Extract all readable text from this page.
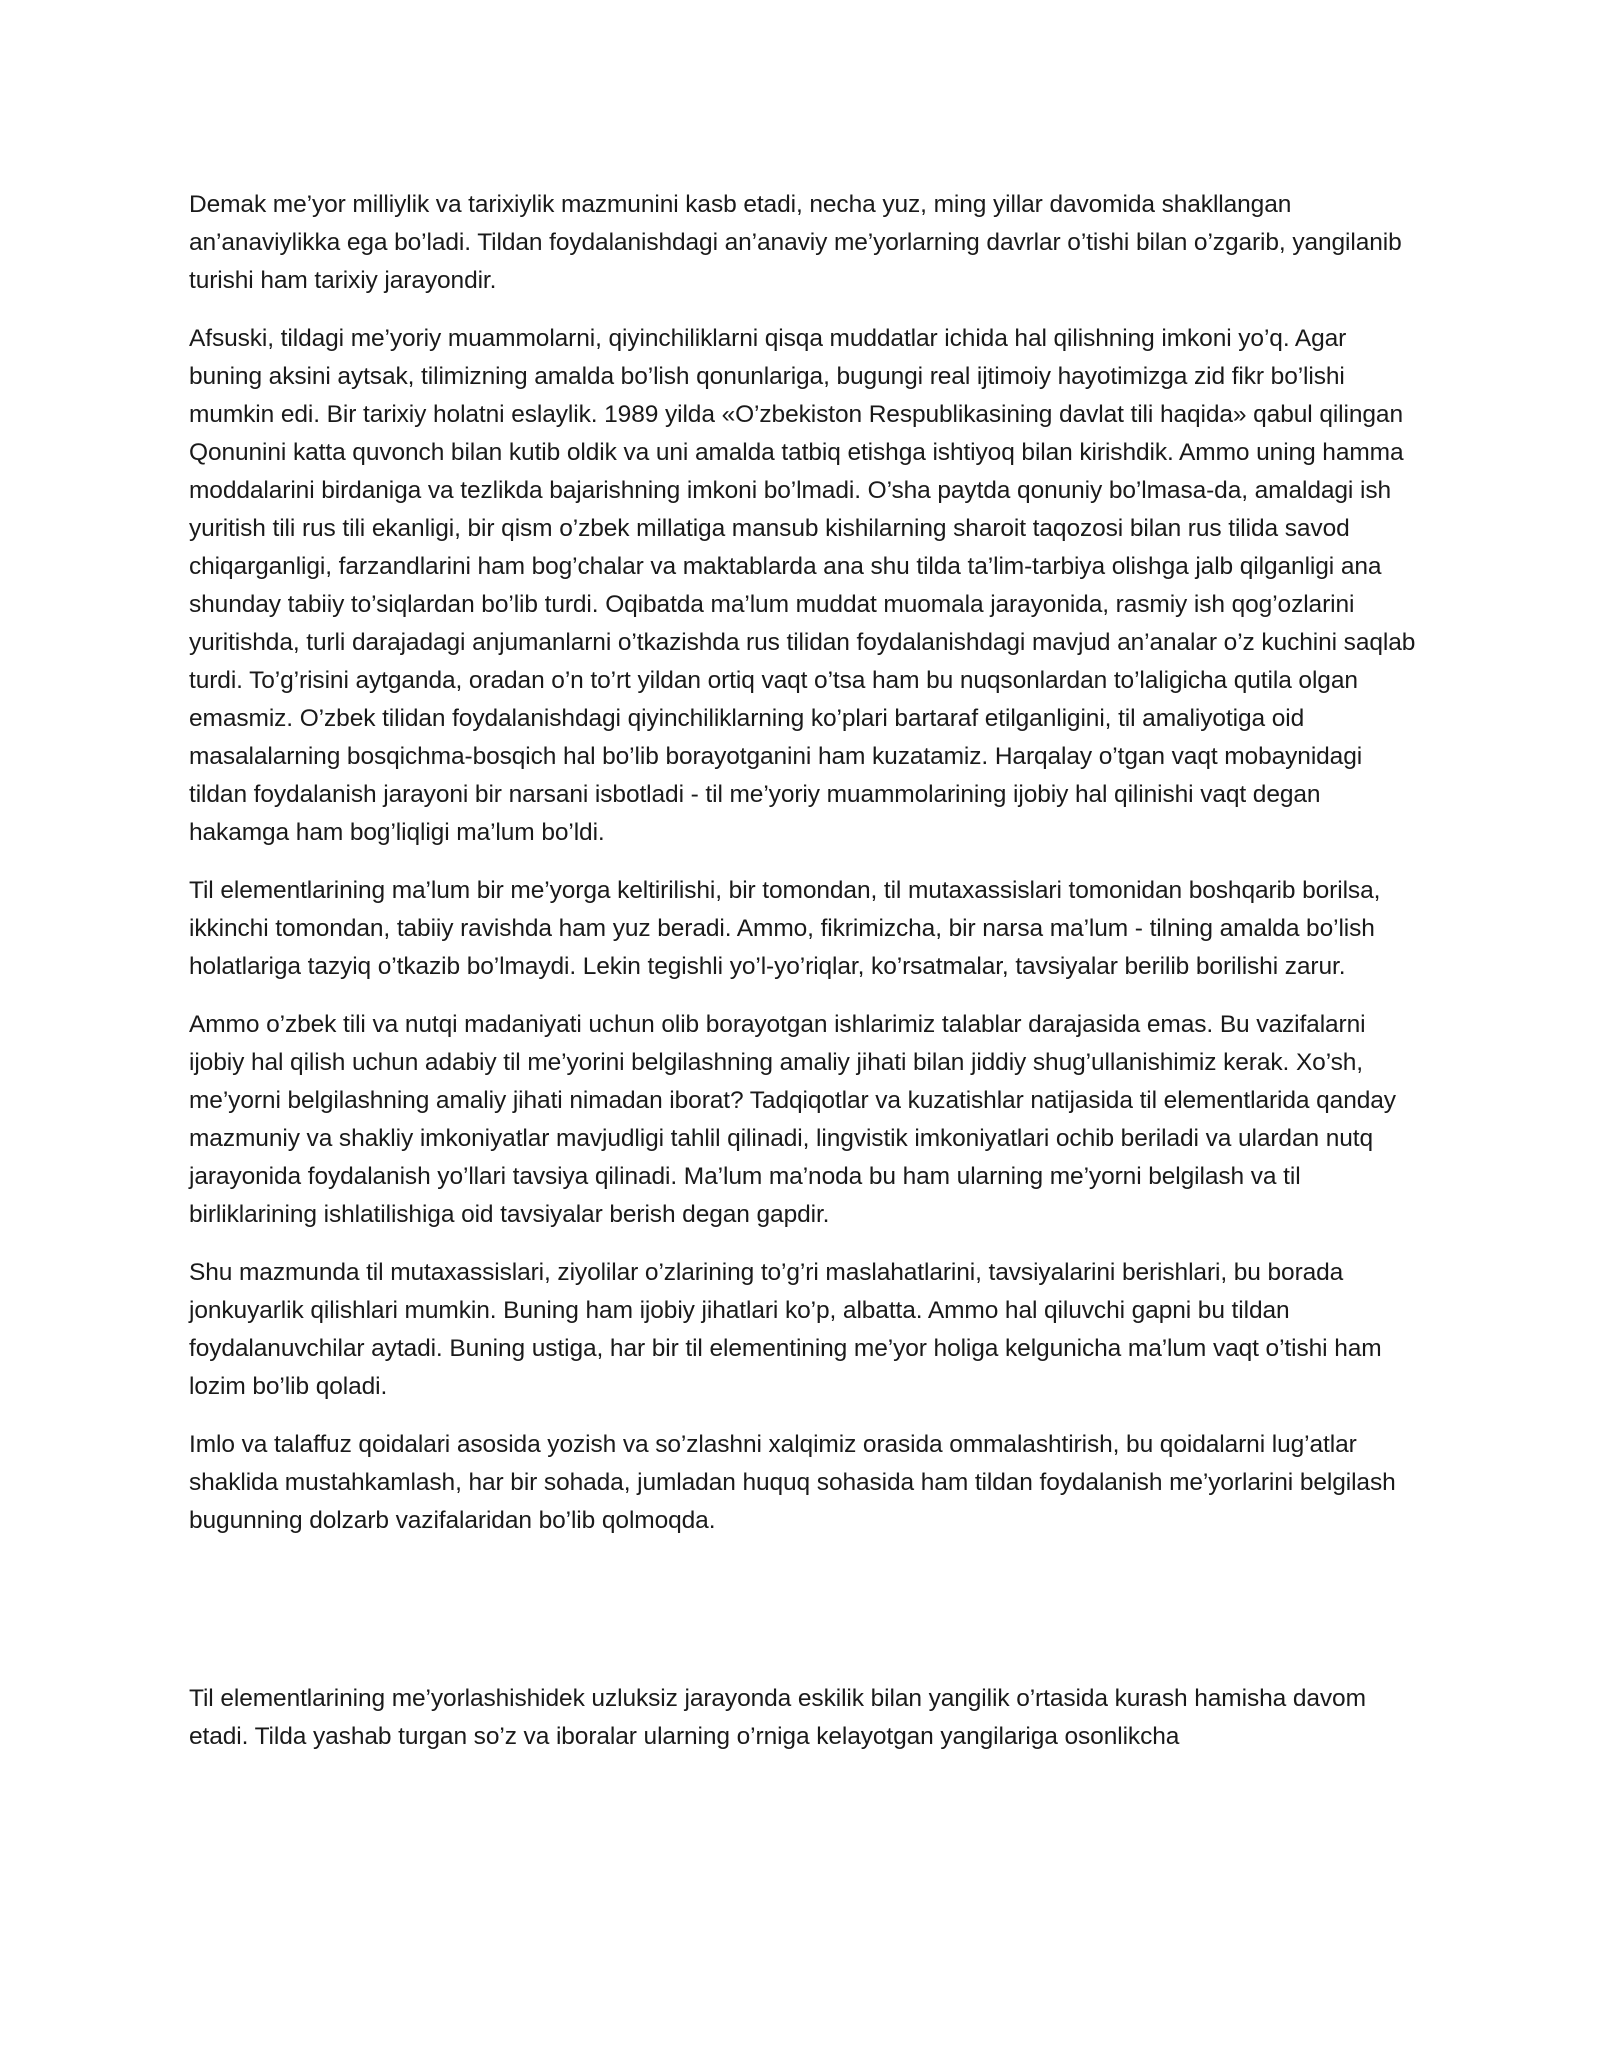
Demak me’yor milliylik va tarixiylik mazmunini kasb etadi, necha yuz, ming yillar davomida shakllangan an’anaviylikka ega bo’ladi. Tildan foydalanishdagi an’anaviy me’yorlarning davrlar o’tishi bilan o’zgarib, yangilanib turishi ham tarixiy jarayondir.

Afsuski, tildagi me’yoriy muammolarni, qiyinchiliklarni qisqa muddatlar ichida hal qilishning imkoni yo’q. Agar buning aksini aytsak, tilimizning amalda bo’lish qonunlariga, bugungi real ijtimoiy hayotimizga zid fikr bo’lishi mumkin edi. Bir tarixiy holatni eslaylik. 1989 yilda «O’zbekiston Respublikasining davlat tili haqida» qabul qilingan Qonunini katta quvonch bilan kutib oldik va uni amalda tatbiq etishga ishtiyoq bilan kirishdik. Ammo uning hamma moddalarini birdaniga va tezlikda bajarishning imkoni bo’lmadi. O’sha paytda qonuniy bo’lmasa-da, amaldagi ish yuritish tili rus tili ekanligi, bir qism o’zbek millatiga mansub kishilarning sharoit taqozosi bilan rus tilida savod chiqarganligi, farzandlarini ham bog’chalar va maktablarda ana shu tilda ta’lim-tarbiya olishga jalb qilganligi ana shunday tabiiy to’siqlardan bo’lib turdi. Oqibatda ma’lum muddat muomala jarayonida, rasmiy ish qog’ozlarini yuritishda, turli darajadagi anjumanlarni o’tkazishda rus tilidan foydalanishdagi mavjud an’analar o’z kuchini saqlab turdi. To’g’risini aytganda, oradan o’n to’rt yildan ortiq vaqt o’tsa ham bu nuqsonlardan to’laligicha qutila olgan emasmiz. O’zbek tilidan foydalanishdagi qiyinchiliklarning ko’plari bartaraf etilganligini, til amaliyotiga oid masalalarning bosqichma-bosqich hal bo’lib borayotganini ham kuzatamiz. Harqalay o’tgan vaqt mobaynidagi tildan foydalanish jarayoni bir narsani isbotladi - til me’yoriy muammolarining ijobiy hal qilinishi vaqt degan hakamga ham bog’liqligi ma’lum bo’ldi.

Til elementlarining ma’lum bir me’yorga keltirilishi, bir tomondan, til mutaxassislari tomonidan boshqarib borilsa, ikkinchi tomondan, tabiiy ravishda ham yuz beradi. Ammo, fikrimizcha, bir narsa ma’lum - tilning amalda bo’lish holatlariga tazyiq o’tkazib bo’lmaydi. Lekin tegishli yo’l-yo’riqlar, ko’rsatmalar, tavsiyalar berilib borilishi zarur.

Ammo o’zbek tili va nutqi madaniyati uchun olib borayotgan ishlarimiz talablar darajasida emas. Bu vazifalarni ijobiy hal qilish uchun adabiy til me’yorini belgilashning amaliy jihati bilan jiddiy shug’ullanishimiz kerak. Xo’sh, me’yorni belgilashning amaliy jihati nimadan iborat? Tadqiqotlar va kuzatishlar natijasida til elementlarida qanday mazmuniy va shakliy imkoniyatlar mavjudligi tahlil qilinadi, lingvistik imkoniyatlari ochib beriladi va ulardan nutq jarayonida foydalanish yo’llari tavsiya qilinadi. Ma’lum ma’noda bu ham ularning me’yorni belgilash va til birliklarining ishlatilishiga oid tavsiyalar berish degan gapdir.

Shu mazmunda til mutaxassislari, ziyolilar o’zlarining to’g’ri maslahatlarini, tavsiyalarini berishlari, bu borada jonkuyarlik qilishlari mumkin. Buning ham ijobiy jihatlari ko’p, albatta. Ammo hal qiluvchi gapni bu tildan foydalanuvchilar aytadi. Buning ustiga, har bir til elementining me’yor holiga kelgunicha ma’lum vaqt o’tishi ham lozim bo’lib qoladi.

Imlo va talaffuz qoidalari asosida yozish va so’zlashni xalqimiz orasida ommalashtirish, bu qoidalarni lug’atlar shaklida mustahkamlash, har bir sohada, jumladan huquq sohasida ham tildan foydalanish me’yorlarini belgilash bugunning dolzarb vazifalaridan bo’lib qolmoqda.

Til elementlarining me’yorlashishidek uzluksiz jarayonda eskilik bilan yangilik o’rtasida kurash hamisha davom etadi. Tilda yashab turgan so’z va iboralar ularning o’rniga kelayotgan yangilariga osonlikcha
